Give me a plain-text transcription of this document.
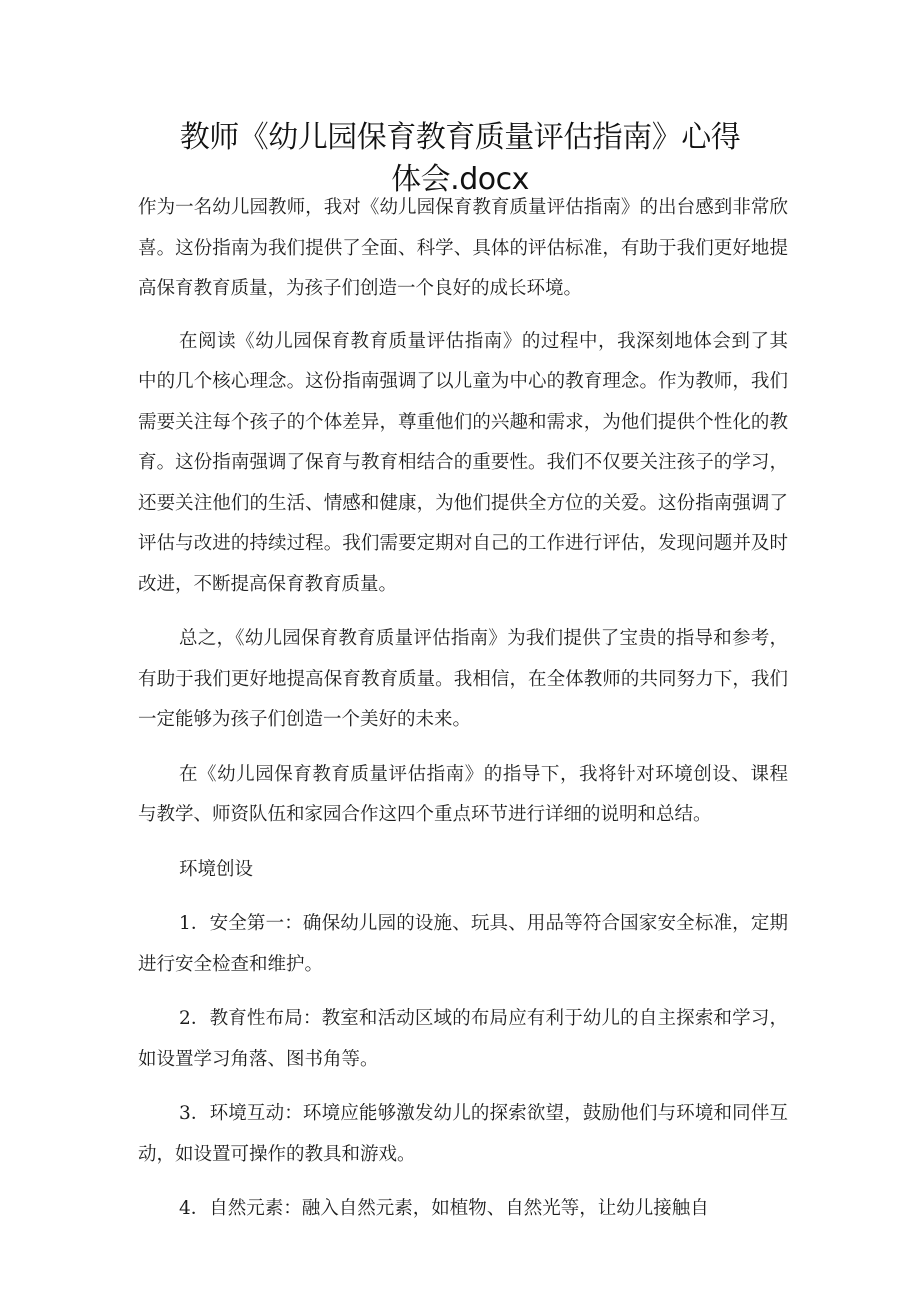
教师《幼儿园保育教育质量评估指南》心得
体会.docx

作为一名幼儿园教师，我对《幼儿园保育教育质量评估指南》的出台感到非常欣喜。这份指南为我们提供了全面、科学、具体的评估标准，有助于我们更好地提高保育教育质量，为孩子们创造一个良好的成长环境。

在阅读《幼儿园保育教育质量评估指南》的过程中，我深刻地体会到了其中的几个核心理念。这份指南强调了以儿童为中心的教育理念。作为教师，我们需要关注每个孩子的个体差异，尊重他们的兴趣和需求，为他们提供个性化的教育。这份指南强调了保育与教育相结合的重要性。我们不仅要关注孩子的学习，还要关注他们的生活、情感和健康，为他们提供全方位的关爱。这份指南强调了评估与改进的持续过程。我们需要定期对自己的工作进行评估，发现问题并及时改进，不断提高保育教育质量。

总之，《幼儿园保育教育质量评估指南》为我们提供了宝贵的指导和参考，有助于我们更好地提高保育教育质量。我相信，在全体教师的共同努力下，我们一定能够为孩子们创造一个美好的未来。

在《幼儿园保育教育质量评估指南》的指导下，我将针对环境创设、课程与教学、师资队伍和家园合作这四个重点环节进行详细的说明和总结。

环境创设

1．安全第一：确保幼儿园的设施、玩具、用品等符合国家安全标准，定期进行安全检查和维护。

2．教育性布局：教室和活动区域的布局应有利于幼儿的自主探索和学习，如设置学习角落、图书角等。

3．环境互动：环境应能够激发幼儿的探索欲望，鼓励他们与环境和同伴互动，如设置可操作的教具和游戏。

4．自然元素：融入自然元素，如植物、自然光等，让幼儿接触自
